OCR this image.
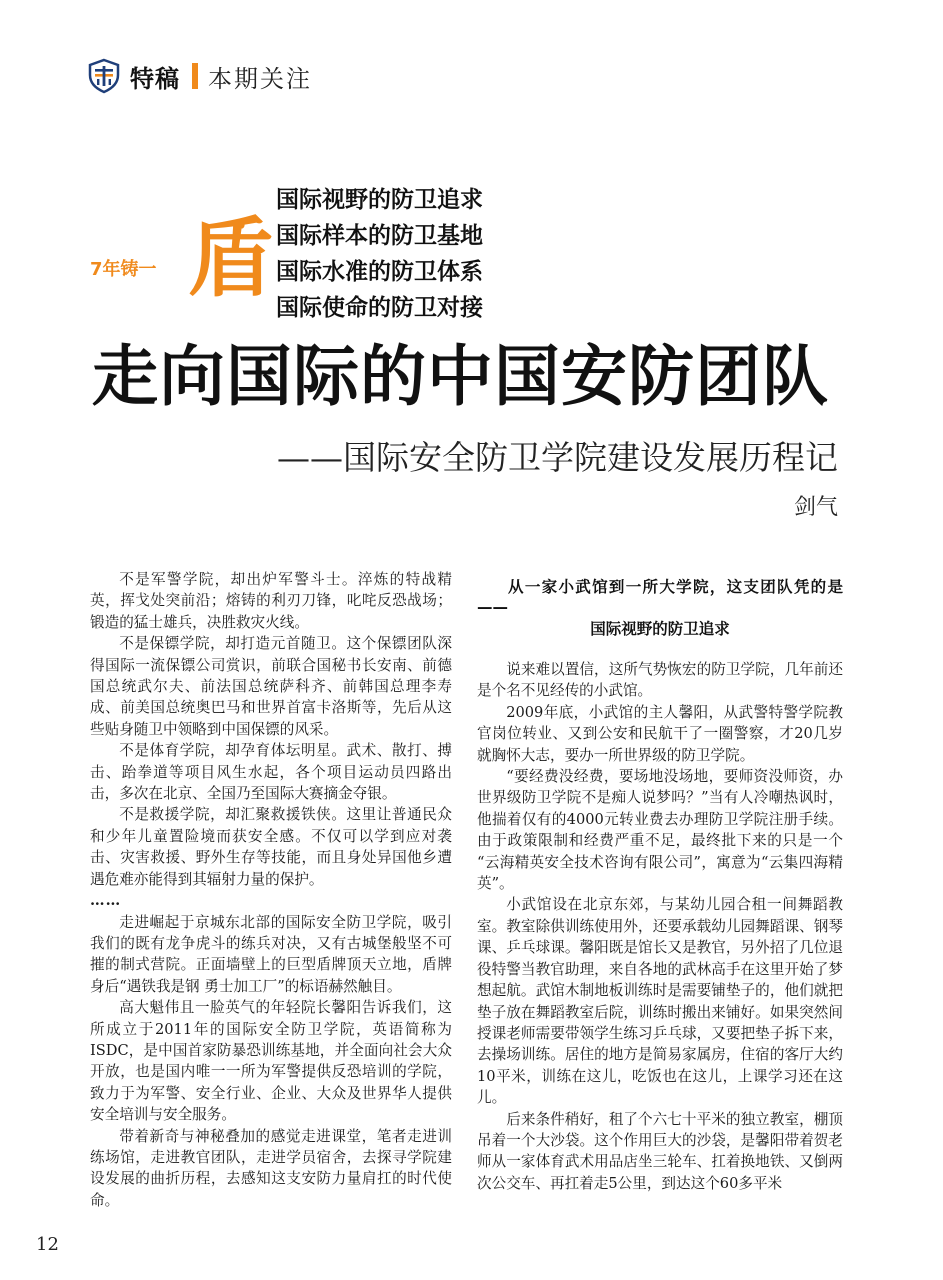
特稿 本期关注
7年铸一 盾
国际视野的防卫追求
国际样本的防卫基地
国际水准的防卫体系
国际使命的防卫对接
走向国际的中国安防团队
——国际安全防卫学院建设发展历程记
剑气

不是军警学院，却出炉军警斗士。淬炼的特战精英，挥戈处突前沿；熔铸的利刃刀锋，叱咤反恐战场；锻造的猛士雄兵，决胜救灾火线。

不是保镖学院，却打造元首随卫。这个保镖团队深得国际一流保镖公司赏识，前联合国秘书长安南、前德国总统武尔夫、前法国总统萨科齐、前韩国总理李寿成、前美国总统奥巴马和世界首富卡洛斯等，先后从这些贴身随卫中领略到中国保镖的风采。

不是体育学院，却孕育体坛明星。武术、散打、搏击、跆拳道等项目风生水起，各个项目运动员四路出击，多次在北京、全国乃至国际大赛摘金夺银。

不是救援学院，却汇聚救援铁侠。这里让普通民众和少年儿童置险境而获安全感。不仅可以学到应对袭击、灾害救援、野外生存等技能，而且身处异国他乡遭遇危难亦能得到其辐射力量的保护。

……

走进崛起于京城东北部的国际安全防卫学院，吸引我们的既有龙争虎斗的练兵对决，又有古城堡般坚不可摧的制式营院。正面墙壁上的巨型盾牌顶天立地，盾牌身后“遇铁我是钢 勇士加工厂”的标语赫然触目。

高大魁伟且一脸英气的年轻院长馨阳告诉我们，这所成立于2011年的国际安全防卫学院，英语简称为ISDC，是中国首家防暴恐训练基地，并全面向社会大众开放，也是国内唯一一所为军警提供反恐培训的学院，致力于为军警、安全行业、企业、大众及世界华人提供安全培训与安全服务。

带着新奇与神秘叠加的感觉走进课堂，笔者走进训练场馆，走进教官团队，走进学员宿舍，去探寻学院建设发展的曲折历程，去感知这支安防力量肩扛的时代使命。

从一家小武馆到一所大学院，这支团队凭的是——
国际视野的防卫追求

说来难以置信，这所气势恢宏的防卫学院，几年前还是个名不见经传的小武馆。

2009年底，小武馆的主人馨阳，从武警特警学院教官岗位转业、又到公安和民航干了一圈警察，才20几岁就胸怀大志，要办一所世界级的防卫学院。

“要经费没经费，要场地没场地，要师资没师资，办世界级防卫学院不是痴人说梦吗？”当有人冷嘲热讽时，他揣着仅有的4000元转业费去办理防卫学院注册手续。由于政策限制和经费严重不足，最终批下来的只是一个 “云海精英安全技术咨询有限公司”，寓意为“云集四海精英”。

小武馆设在北京东郊，与某幼儿园合租一间舞蹈教室。教室除供训练使用外，还要承载幼儿园舞蹈课、钢琴课、乒乓球课。馨阳既是馆长又是教官，另外招了几位退役特警当教官助理，来自各地的武林高手在这里开始了梦想起航。武馆木制地板训练时是需要铺垫子的，他们就把垫子放在舞蹈教室后院，训练时搬出来铺好。如果突然间授课老师需要带领学生练习乒乓球，又要把垫子拆下来，去操场训练。居住的地方是简易家属房，住宿的客厅大约10平米，训练在这儿，吃饭也在这儿，上课学习还在这儿。

后来条件稍好，租了个六七十平米的独立教室，棚顶吊着一个大沙袋。这个作用巨大的沙袋，是馨阳带着贺老师从一家体育武术用品店坐三轮车、扛着换地铁、又倒两次公交车、再扛着走5公里，到达这个60多平米

12
